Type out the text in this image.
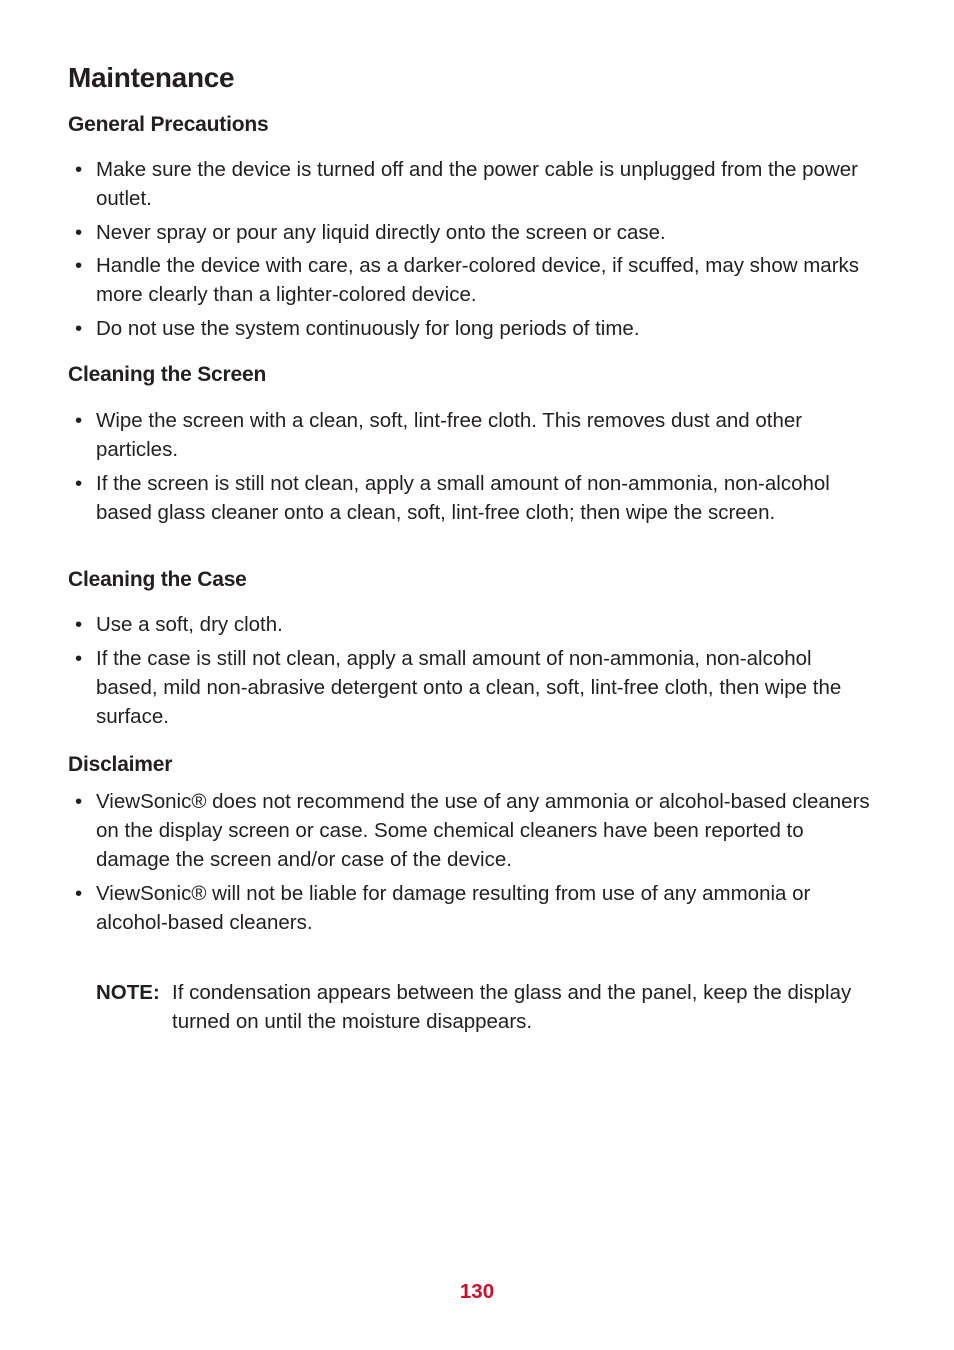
Maintenance
General Precautions
• Make sure the device is turned off and the power cable is unplugged from the power outlet.
• Never spray or pour any liquid directly onto the screen or case.
• Handle the device with care, as a darker-colored device, if scuffed, may show marks more clearly than a lighter-colored device.
• Do not use the system continuously for long periods of time.
Cleaning the Screen
• Wipe the screen with a clean, soft, lint-free cloth. This removes dust and other particles.
• If the screen is still not clean, apply a small amount of non-ammonia, non-alcohol based glass cleaner onto a clean, soft, lint-free cloth; then wipe the screen.
Cleaning the Case
• Use a soft, dry cloth.
• If the case is still not clean, apply a small amount of non-ammonia, non-alcohol based, mild non-abrasive detergent onto a clean, soft, lint-free cloth, then wipe the surface.
Disclaimer
• ViewSonic® does not recommend the use of any ammonia or alcohol-based cleaners on the display screen or case. Some chemical cleaners have been reported to damage the screen and/or case of the device.
• ViewSonic® will not be liable for damage resulting from use of any ammonia or alcohol-based cleaners.
NOTE: If condensation appears between the glass and the panel, keep the display turned on until the moisture disappears.
130
